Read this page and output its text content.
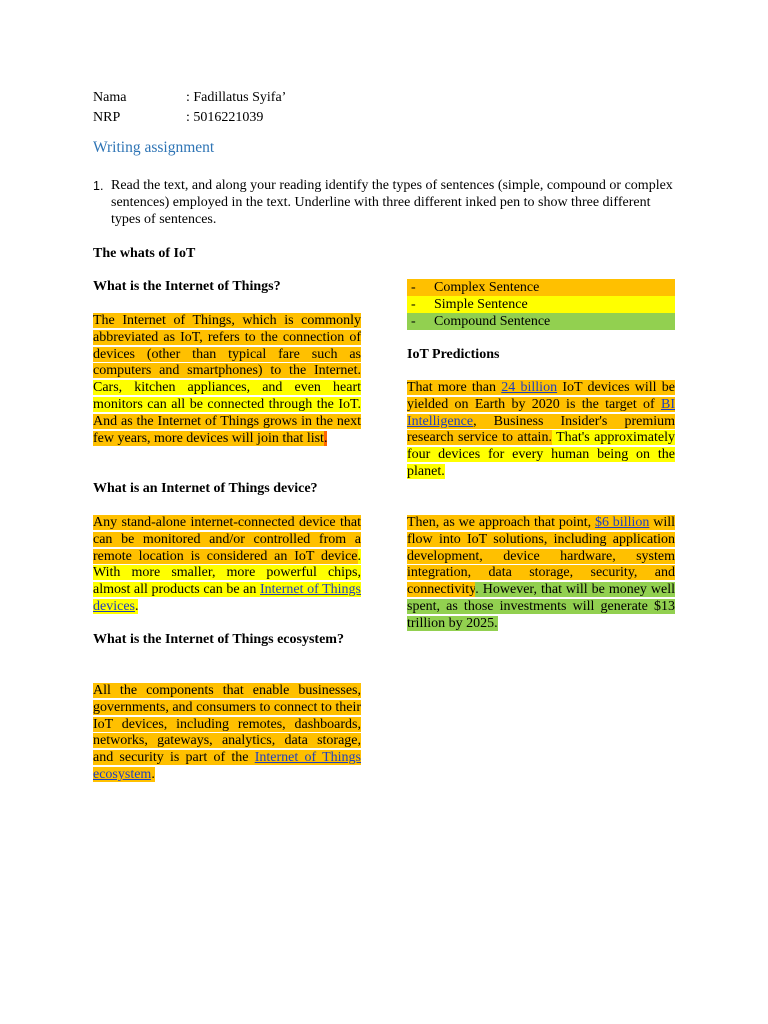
Nama	: Fadillatus Syifa’
NRP	: 5016221039
Writing assignment
1. Read the text, and along your reading identify the types of sentences (simple, compound or complex sentences) employed in the text. Underline with three different inked pen to show three different types of sentences.
The whats of IoT
What is the Internet of Things?
The Internet of Things, which is commonly abbreviated as IoT, refers to the connection of devices (other than typical fare such as computers and smartphones) to the Internet. Cars, kitchen appliances, and even heart monitors can all be connected through the IoT. And as the Internet of Things grows in the next few years, more devices will join that list.
What is an Internet of Things device?
Any stand-alone internet-connected device that can be monitored and/or controlled from a remote location is considered an IoT device. With more smaller, more powerful chips, almost all products can be an Internet of Things devices.
What is the Internet of Things ecosystem?
All the components that enable businesses, governments, and consumers to connect to their IoT devices, including remotes, dashboards, networks, gateways, analytics, data storage, and security is part of the Internet of Things ecosystem.
- Complex Sentence
- Simple Sentence
- Compound Sentence
IoT Predictions
That more than 24 billion IoT devices will be yielded on Earth by 2020 is the target of BI Intelligence, Business Insider's premium research service to attain. That's approximately four devices for every human being on the planet.
Then, as we approach that point, $6 billion will flow into IoT solutions, including application development, device hardware, system integration, data storage, security, and connectivity. However, that will be money well spent, as those investments will generate $13 trillion by 2025.
